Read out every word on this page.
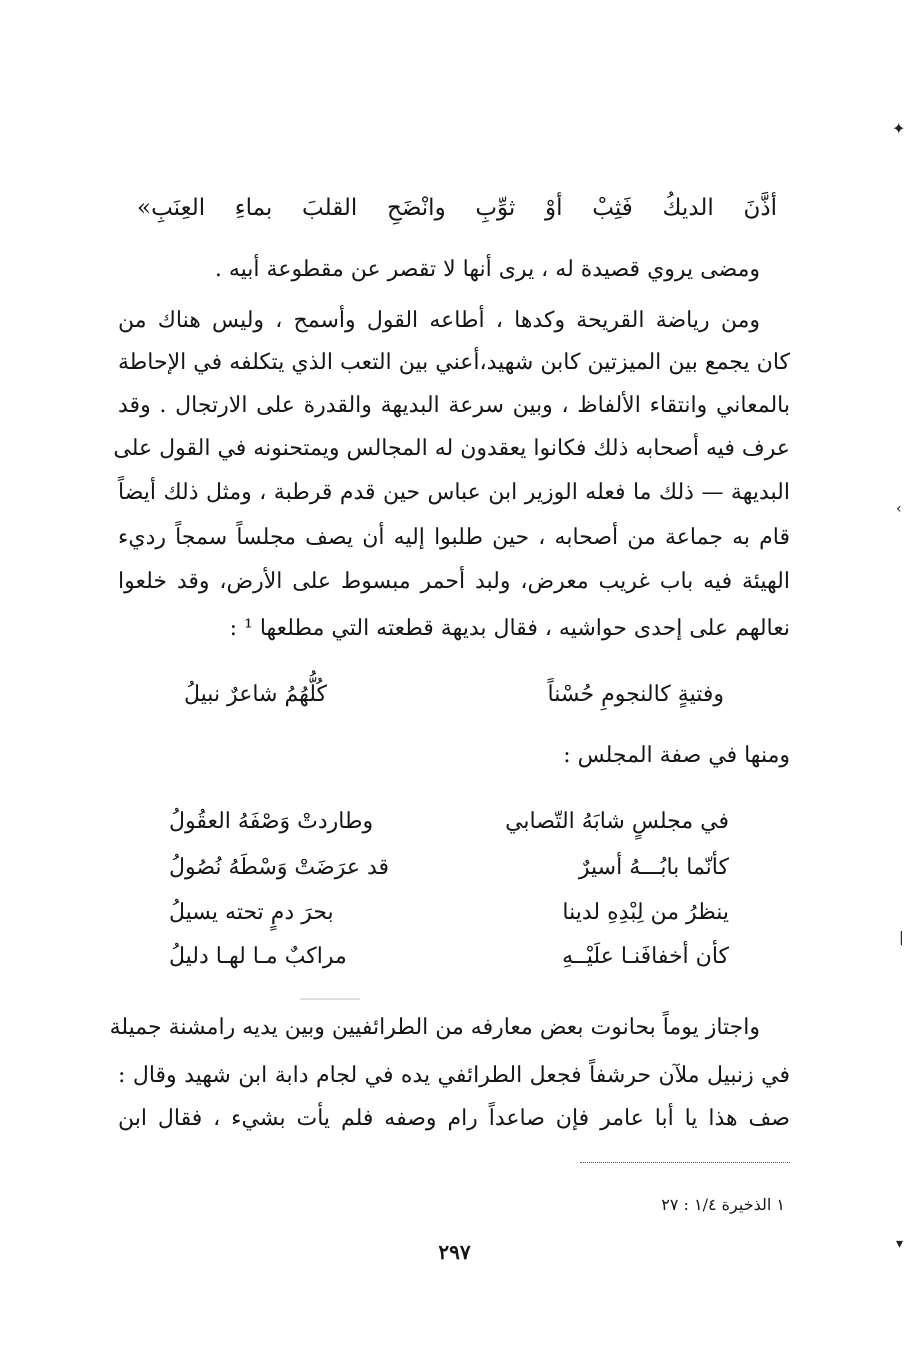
أذَّنَ الديكُ فَثِبْ أوْ ثوِّبِ وانْضَحِ القلبَ بماءِ العِنَبِ»
ومضى يروي قصيدة له ، يرى أنها لا تقصر عن مقطوعة أبيه .
ومن رياضة القريحة وكدها ، أطاعه القول وأسمح ، وليس هناك من
كان يجمع بين الميزتين كابن شهيد،أعني بين التعب الذي يتكلفه في الإحاطة
بالمعاني وانتقاء الألفاظ ، وبين سرعة البديهة والقدرة على الارتجال . وقد
عرف فيه أصحابه ذلك فكانوا يعقدون له المجالس ويمتحنونه في القول على
البديهة — ذلك ما فعله الوزير ابن عباس حين قدم قرطبة ، ومثل ذلك أيضاً
قام به جماعة من أصحابه ، حين طلبوا إليه أن يصف مجلساً سمجاً رديء
الهيئة فيه باب غريب معرض، ولبد أحمر مبسوط على الأرض، وقد خلعوا
نعالهم على إحدى حواشيه ، فقال بديهة قطعته التي مطلعها ¹ :
وفتيةٍ كالنجومِ حُسْناً
كُلُّهُمُ شاعرٌ نبيلُ
ومنها في صفة المجلس :
في مجلسٍ شابَهُ التّصابي
وطاردتْ وَصْفَهُ العقُولُ
كأنّما بابُـــهُ أسيرٌ
قد عرَضَتْ وَسْطَهُ نُصُولُ
ينظرُ من لِبْدِهِ لدينا
بحرَ دمٍ تحته يسيلُ
كأن أخفافَنـا علَيْــهِ
مراكبٌ مـا لهـا دليلُ
واجتاز يوماً بحانوت بعض معارفه من الطرائفيين وبين يديه رامشنة جميلة
في زنبيل ملآن حرشفاً فجعل الطرائفي يده في لجام دابة ابن شهيد وقال :
صف هذا يا أبا عامر فإن صاعداً رام وصفه فلم يأت بشيء ، فقال ابن
١ الذخيرة ١/٤ : ٢٧
٢٩٧
✦
›
|
▾
